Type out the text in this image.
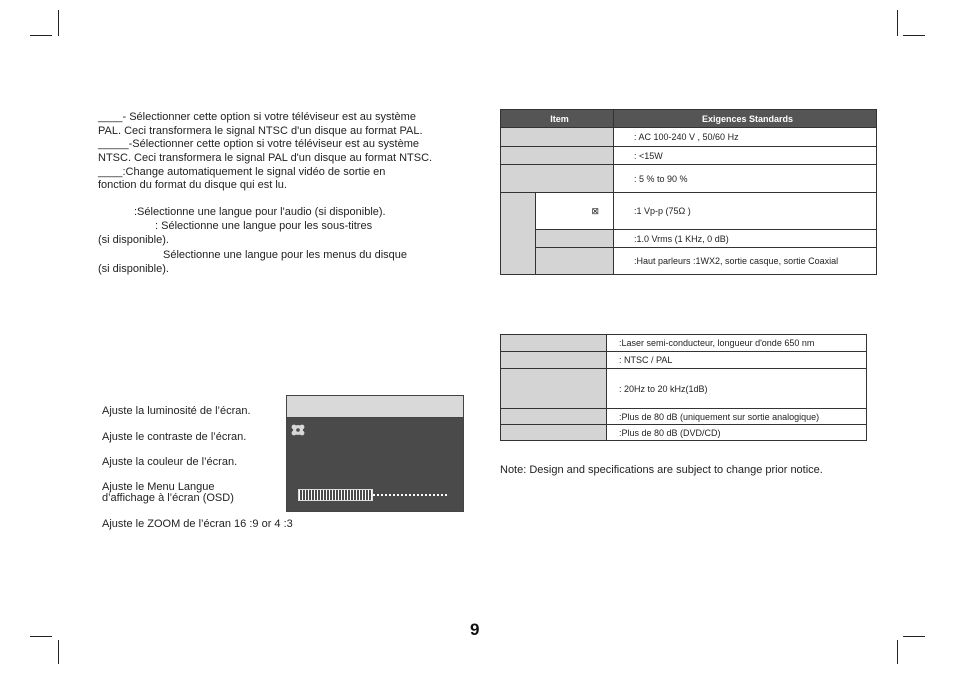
____- Sélectionner cette option si votre téléviseur est au système
PAL. Ceci transformera le signal NTSC d'un disque au format PAL.
_____-Sélectionner cette option si votre téléviseur est au système
NTSC. Ceci transformera le signal PAL d'un disque au format NTSC.
____:Change automatiquement le signal vidéo de sortie en
fonction du format du disque qui est lu.
:Sélectionne une langue pour l'audio (si disponible).
: Sélectionne une langue pour les sous-titres
(si disponible).
Sélectionne une langue pour les menus du disque
(si disponible).
Ajuste la luminosité de l’écran.
Ajuste le contraste de l’écran.
Ajuste la couleur de l’écran.
Ajuste le Menu Langue
d’affichage à l’écran (OSD)
Ajuste le ZOOM de l’écran 16 :9 or 4 :3
Item		Exigences Standards
		: AC 100-240 V , 50/60 Hz
		: <15W
		: 5 % to 90 %
	⊠	:1 Vp-p (75Ω )
		:1.0 Vrms (1 KHz, 0 dB)
		:Haut parleurs :1WX2, sortie casque, sortie Coaxial
	:Laser semi-conducteur, longueur d'onde 650 nm
	: NTSC / PAL
	: 20Hz to 20 kHz(1dB)
	:Plus de 80 dB (uniquement sur sortie analogique)
	:Plus de 80 dB (DVD/CD)
Note: Design and specifications are subject to change prior notice.
9
